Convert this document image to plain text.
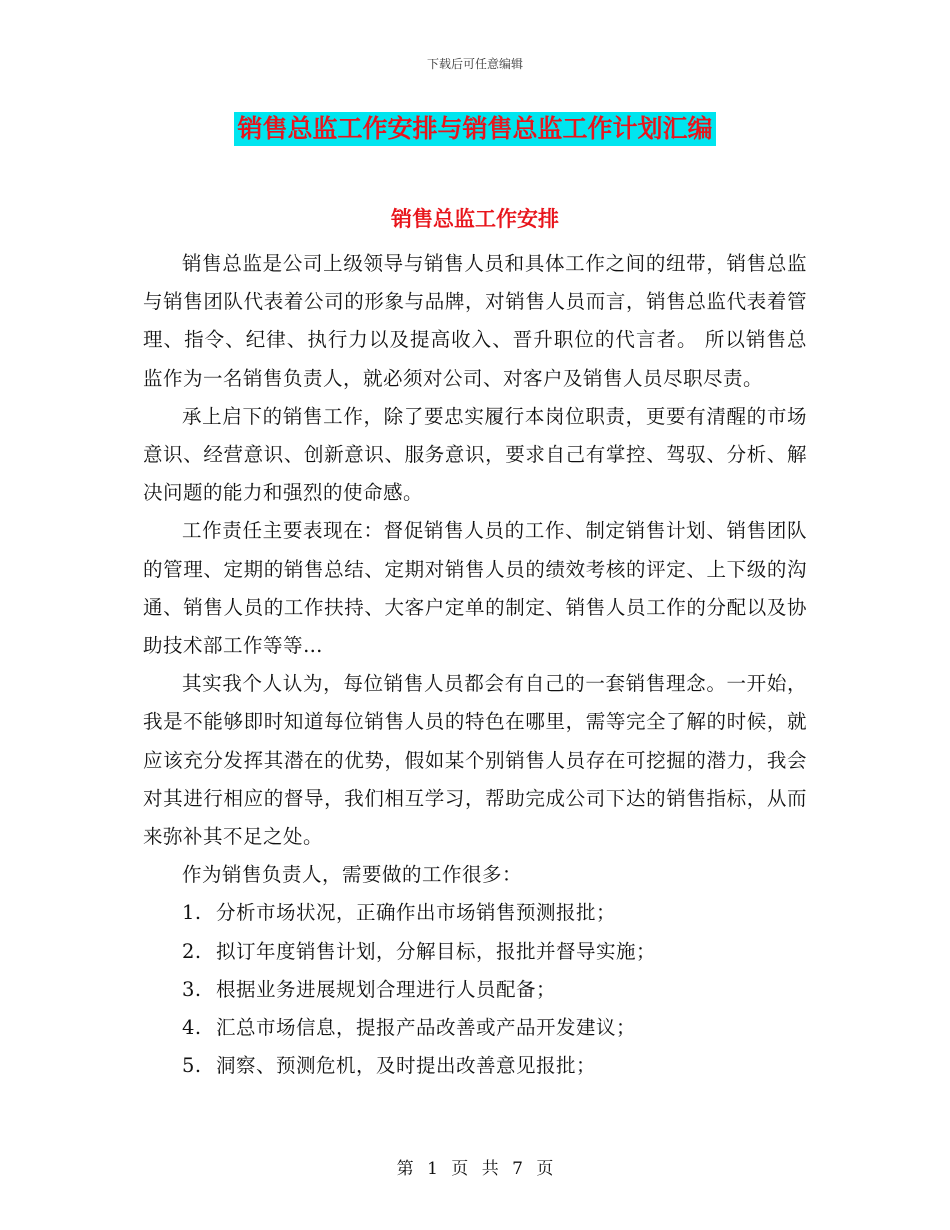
下载后可任意编辑
销售总监工作安排与销售总监工作计划汇编
销售总监工作安排

销售总监是公司上级领导与销售人员和具体工作之间的纽带，销售总监与销售团队代表着公司的形象与品牌，对销售人员而言，销售总监代表着管理、指令、纪律、执行力以及提高收入、晋升职位的代言者。 所以销售总监作为一名销售负责人，就必须对公司、对客户及销售人员尽职尽责。

承上启下的销售工作，除了要忠实履行本岗位职责，更要有清醒的市场意识、经营意识、创新意识、服务意识，要求自己有掌控、驾驭、分析、解决问题的能力和强烈的使命感。

工作责任主要表现在：督促销售人员的工作、制定销售计划、销售团队的管理、定期的销售总结、定期对销售人员的绩效考核的评定、上下级的沟通、销售人员的工作扶持、大客户定单的制定、销售人员工作的分配以及协助技术部工作等等…

其实我个人认为，每位销售人员都会有自己的一套销售理念。一开始，我是不能够即时知道每位销售人员的特色在哪里，需等完全了解的时候，就应该充分发挥其潜在的优势，假如某个别销售人员存在可挖掘的潜力，我会对其进行相应的督导，我们相互学习，帮助完成公司下达的销售指标，从而来弥补其不足之处。

作为销售负责人，需要做的工作很多：

1. 分析市场状况，正确作出市场销售预测报批；

2. 拟订年度销售计划，分解目标，报批并督导实施；

3. 根据业务进展规划合理进行人员配备；

4. 汇总市场信息，提报产品改善或产品开发建议；

5. 洞察、预测危机，及时提出改善意见报批；

第 1 页 共 7 页
